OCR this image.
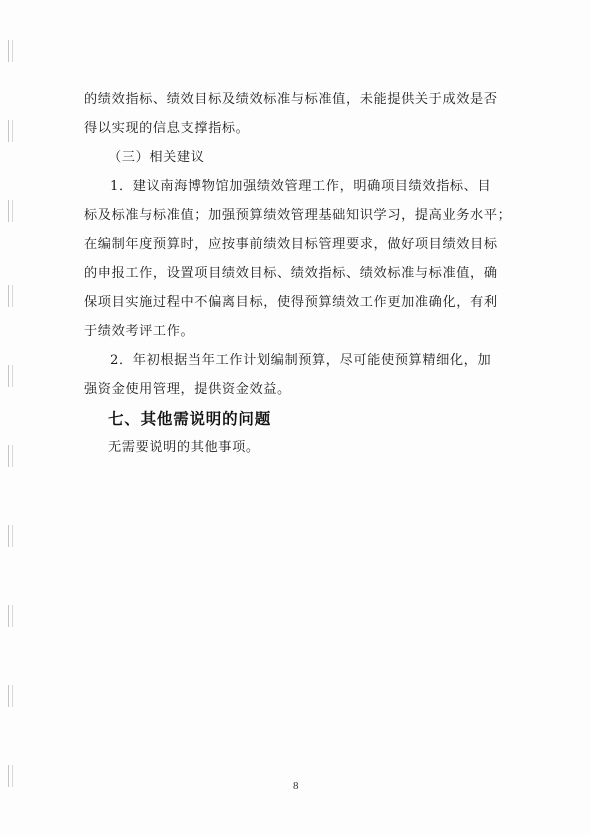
的绩效指标、绩效目标及绩效标准与标准值，未能提供关于成效是否
得以实现的信息支撑指标。
（三）相关建议
1．建议南海博物馆加强绩效管理工作，明确项目绩效指标、目
标及标准与标准值；加强预算绩效管理基础知识学习，提高业务水平；
在编制年度预算时，应按事前绩效目标管理要求，做好项目绩效目标
的申报工作，设置项目绩效目标、绩效指标、绩效标准与标准值，确
保项目实施过程中不偏离目标，使得预算绩效工作更加准确化，有利
于绩效考评工作。
2．年初根据当年工作计划编制预算，尽可能使预算精细化，加
强资金使用管理，提供资金效益。
七、其他需说明的问题
无需要说明的其他事项。
8
